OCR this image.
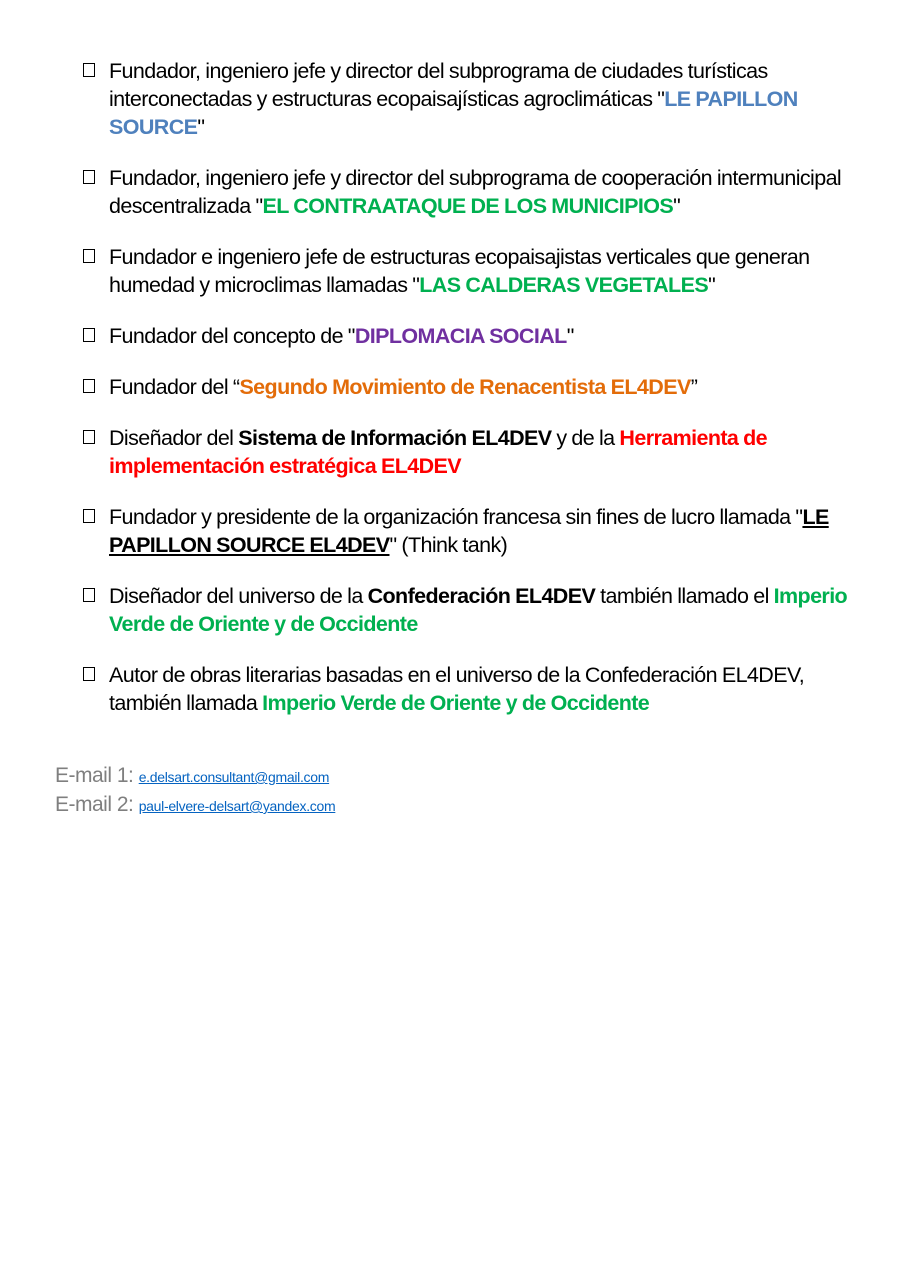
Fundador, ingeniero jefe y director del subprograma de ciudades turísticas interconectadas y estructuras ecopaisajísticas agroclimáticas "LE PAPILLON SOURCE"
Fundador, ingeniero jefe y director del subprograma de cooperación intermunicipal descentralizada "EL CONTRAATAQUE DE LOS MUNICIPIOS"
Fundador e ingeniero jefe de estructuras ecopaisajistas verticales que generan humedad y microclimas llamadas "LAS CALDERAS VEGETALES"
Fundador del concepto de "DIPLOMACIA SOCIAL"
Fundador del “Segundo Movimiento de Renacentista EL4DEV”
Diseñador del Sistema de Información EL4DEV y de la Herramienta de implementación estratégica EL4DEV
Fundador y presidente de la organización francesa sin fines de lucro llamada "LE PAPILLON SOURCE EL4DEV" (Think tank)
Diseñador del universo de la Confederación EL4DEV también llamado el Imperio Verde de Oriente y de Occidente
Autor de obras literarias basadas en el universo de la Confederación EL4DEV, también llamada Imperio Verde de Oriente y de Occidente
E-mail 1: e.delsart.consultant@gmail.com
E-mail 2: paul-elvere-delsart@yandex.com
